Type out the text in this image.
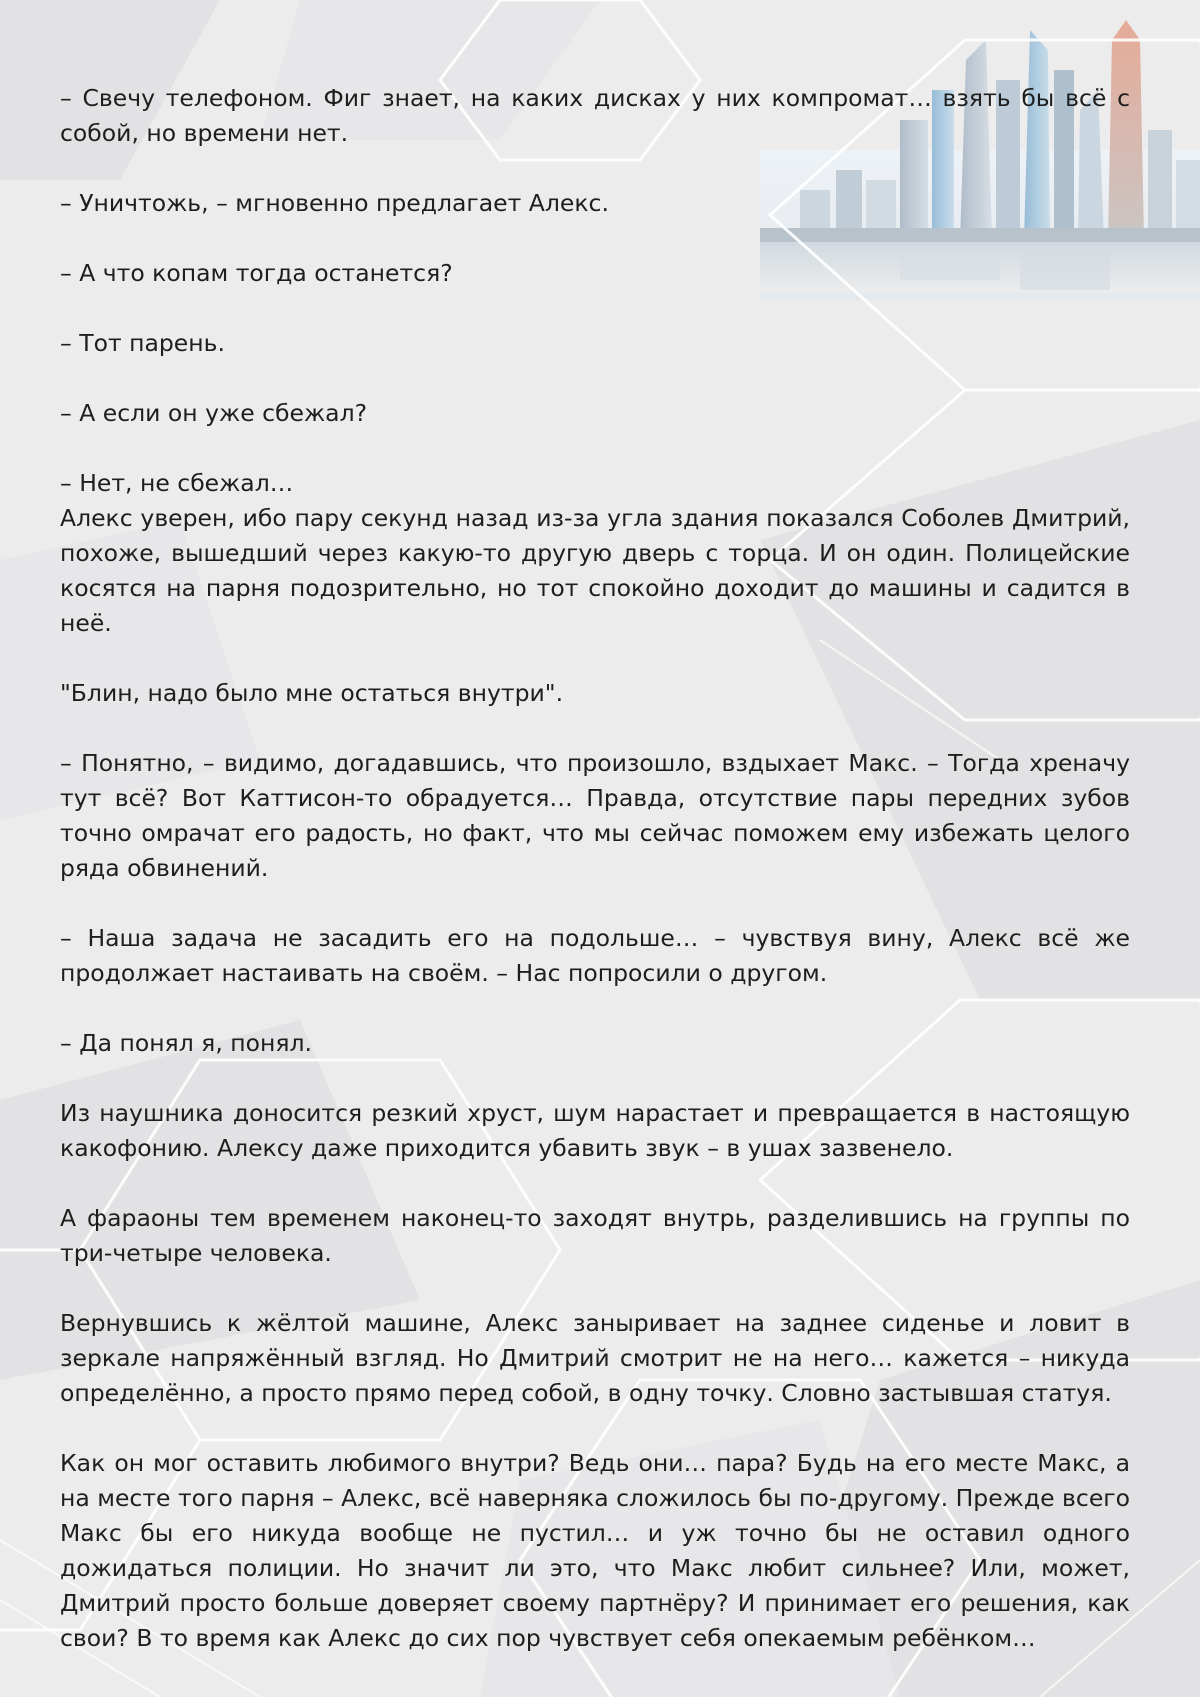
– Свечу телефоном. Фиг знает, на каких дисках у них компромат… взять бы всё с собой, но времени нет.

– Уничтожь, – мгновенно предлагает Алекс.

– А что копам тогда останется?

– Тот парень.

– А если он уже сбежал?

– Нет, не сбежал…

Алекс уверен, ибо пару секунд назад из-за угла здания показался Соболев Дмитрий, похоже, вышедший через какую-то другую дверь с торца. И он один. Полицейские косятся на парня подозрительно, но тот спокойно доходит до машины и садится в неё.

"Блин, надо было мне остаться внутри".

– Понятно, – видимо, догадавшись, что произошло, вздыхает Макс. – Тогда хреначу тут всё? Вот Каттисон-то обрадуется… Правда, отсутствие пары передних зубов точно омрачат его радость, но факт, что мы сейчас поможем ему избежать целого ряда обвинений.

– Наша задача не засадить его на подольше… – чувствуя вину, Алекс всё же продолжает настаивать на своём. – Нас попросили о другом.

– Да понял я, понял.

Из наушника доносится резкий хруст, шум нарастает и превращается в настоящую какофонию. Алексу даже приходится убавить звук – в ушах зазвенело.

А фараоны тем временем наконец-то заходят внутрь, разделившись на группы по три-четыре человека.

Вернувшись к жёлтой машине, Алекс заныривает на заднее сиденье и ловит в зеркале напряжённый взгляд. Но Дмитрий смотрит не на него… кажется – никуда определённо, а просто прямо перед собой, в одну точку. Словно застывшая статуя.

Как он мог оставить любимого внутри? Ведь они… пара? Будь на его месте Макс, а на месте того парня – Алекс, всё наверняка сложилось бы по-другому. Прежде всего Макс бы его никуда вообще не пустил… и уж точно бы не оставил одного дожидаться полиции. Но значит ли это, что Макс любит сильнее? Или, может, Дмитрий просто больше доверяет своему партнёру? И принимает его решения, как свои? В то время как Алекс до сих пор чувствует себя опекаемым ребёнком…
